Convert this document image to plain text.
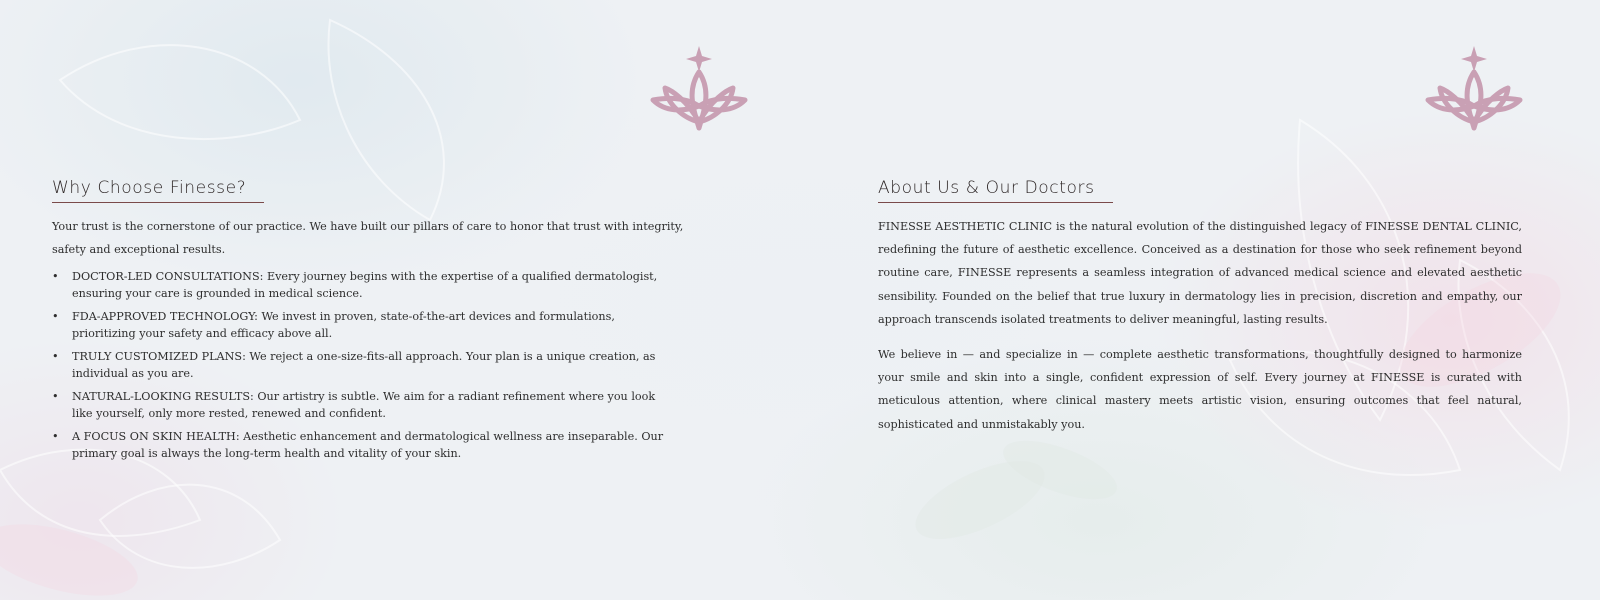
Why Choose Finesse?

Your trust is the cornerstone of our practice. We have built our pillars of care to honor that trust with integrity, safety and exceptional results.

• DOCTOR-LED CONSULTATIONS: Every journey begins with the expertise of a qualified dermatologist, ensuring your care is grounded in medical science.
• FDA-APPROVED TECHNOLOGY: We invest in proven, state-of-the-art devices and formulations, prioritizing your safety and efficacy above all.
• TRULY CUSTOMIZED PLANS: We reject a one-size-fits-all approach. Your plan is a unique creation, as individual as you are.
• NATURAL-LOOKING RESULTS: Our artistry is subtle. We aim for a radiant refinement where you look like yourself, only more rested, renewed and confident.
• A FOCUS ON SKIN HEALTH: Aesthetic enhancement and dermatological wellness are inseparable. Our primary goal is always the long-term health and vitality of your skin.
About Us & Our Doctors

FINESSE AESTHETIC CLINIC is the natural evolution of the distinguished legacy of FINESSE DENTAL CLINIC, redefining the future of aesthetic excellence. Conceived as a destination for those who seek refinement beyond routine care, FINESSE represents a seamless integration of advanced medical science and elevated aesthetic sensibility. Founded on the belief that true luxury in dermatology lies in precision, discretion and empathy, our approach transcends isolated treatments to deliver meaningful, lasting results.

We believe in — and specialize in — complete aesthetic transformations, thoughtfully designed to harmonize your smile and skin into a single, confident expression of self. Every journey at FINESSE is curated with meticulous attention, where clinical mastery meets artistic vision, ensuring outcomes that feel natural, sophisticated and unmistakably you.
